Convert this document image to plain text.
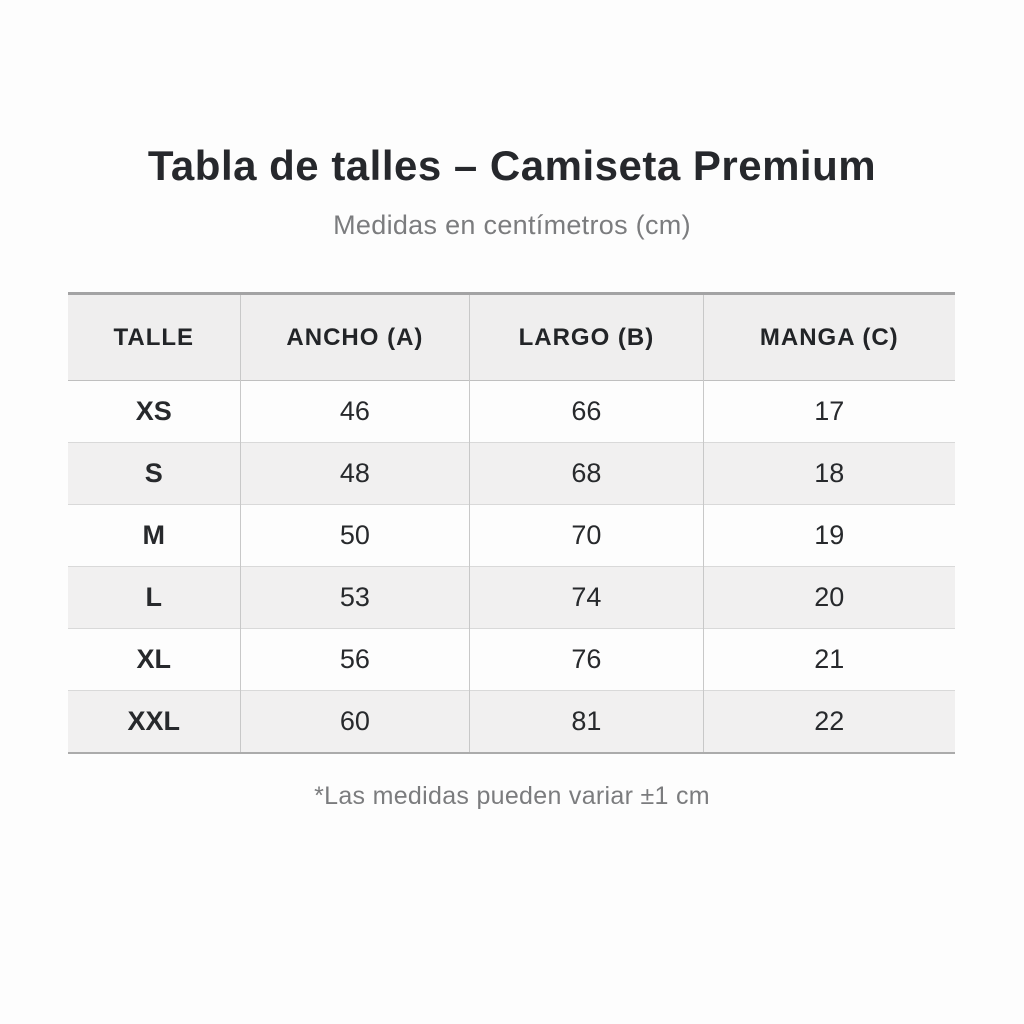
Tabla de talles – Camiseta Premium
Medidas en centímetros (cm)
TALLE	ANCHO (A)	LARGO (B)	MANGA (C)
XS	46	66	17
S	48	68	18
M	50	70	19
L	53	74	20
XL	56	76	21
XXL	60	81	22
*Las medidas pueden variar ±1 cm
